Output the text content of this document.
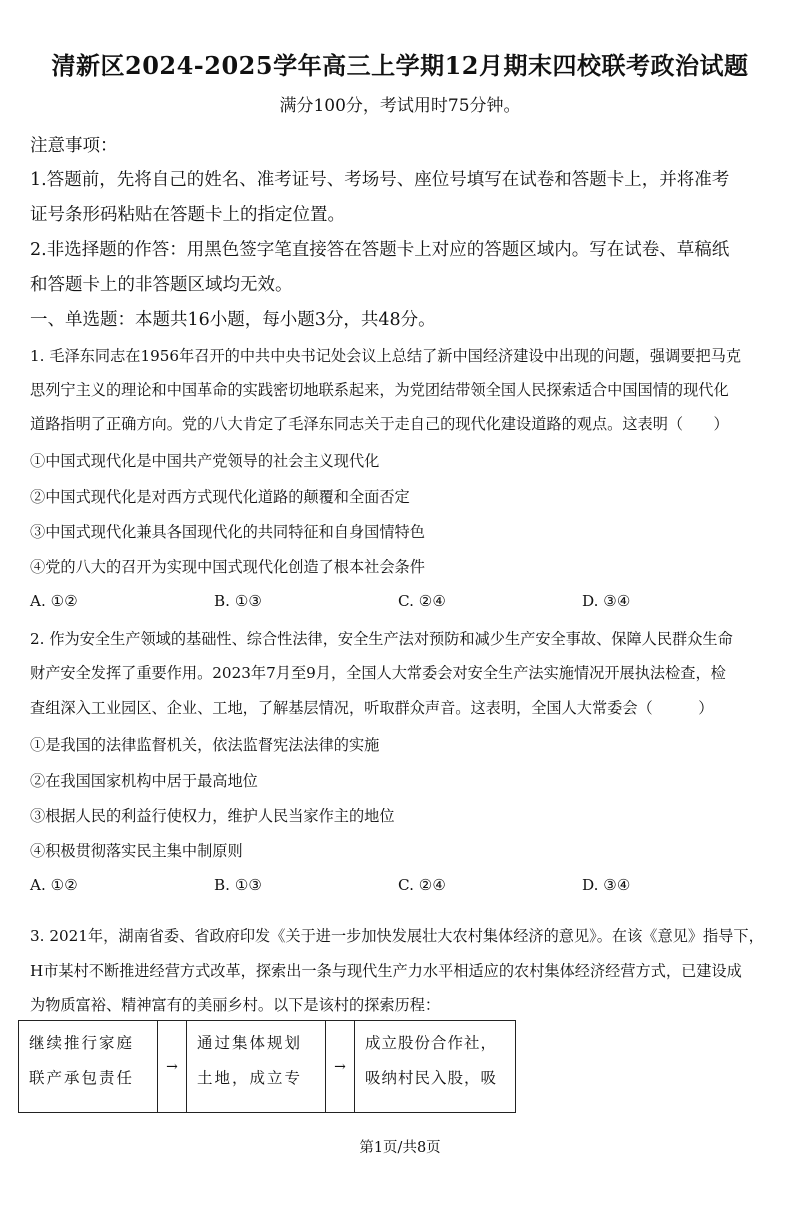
清新区2024-2025学年高三上学期12月期末四校联考政治试题
满分100分，考试用时75分钟。
注意事项：
1.答题前，先将自己的姓名、准考证号、考场号、座位号填写在试卷和答题卡上，并将准考
证号条形码粘贴在答题卡上的指定位置。
2.非选择题的作答：用黑色签字笔直接答在答题卡上对应的答题区域内。写在试卷、草稿纸
和答题卡上的非答题区域均无效。
一、单选题：本题共16小题，每小题3分，共48分。
1. 毛泽东同志在1956年召开的中共中央书记处会议上总结了新中国经济建设中出现的问题，强调要把马克
思列宁主义的理论和中国革命的实践密切地联系起来，为党团结带领全国人民探索适合中国国情的现代化
道路指明了正确方向。党的八大肯定了毛泽东同志关于走自己的现代化建设道路的观点。这表明（　　）
①中国式现代化是中国共产党领导的社会主义现代化
②中国式现代化是对西方式现代化道路的颠覆和全面否定
③中国式现代化兼具各国现代化的共同特征和自身国情特色
④党的八大的召开为实现中国式现代化创造了根本社会条件
A. ①②	B. ①③	C. ②④	D. ③④
2. 作为安全生产领域的基础性、综合性法律，安全生产法对预防和减少生产安全事故、保障人民群众生命
财产安全发挥了重要作用。2023年7月至9月，全国人大常委会对安全生产法实施情况开展执法检查，检
查组深入工业园区、企业、工地，了解基层情况，听取群众声音。这表明，全国人大常委会（　　　）
①是我国的法律监督机关，依法监督宪法法律的实施
②在我国国家机构中居于最高地位
③根据人民的利益行使权力，维护人民当家作主的地位
④积极贯彻落实民主集中制原则
A. ①②	B. ①③	C. ②④	D. ③④
3. 2021年，湖南省委、省政府印发《关于进一步加快发展壮大农村集体经济的意见》。在该《意见》指导下，
H市某村不断推进经营方式改革，探索出一条与现代生产力水平相适应的农村集体经济经营方式，已建设成
为物质富裕、精神富有的美丽乡村。以下是该村的探索历程：
继续推行家庭
联产承包责任
	→	
通过集体规划
土地，成立专
	→	
成立股份合作社，
吸纳村民入股，吸
第1页/共8页
